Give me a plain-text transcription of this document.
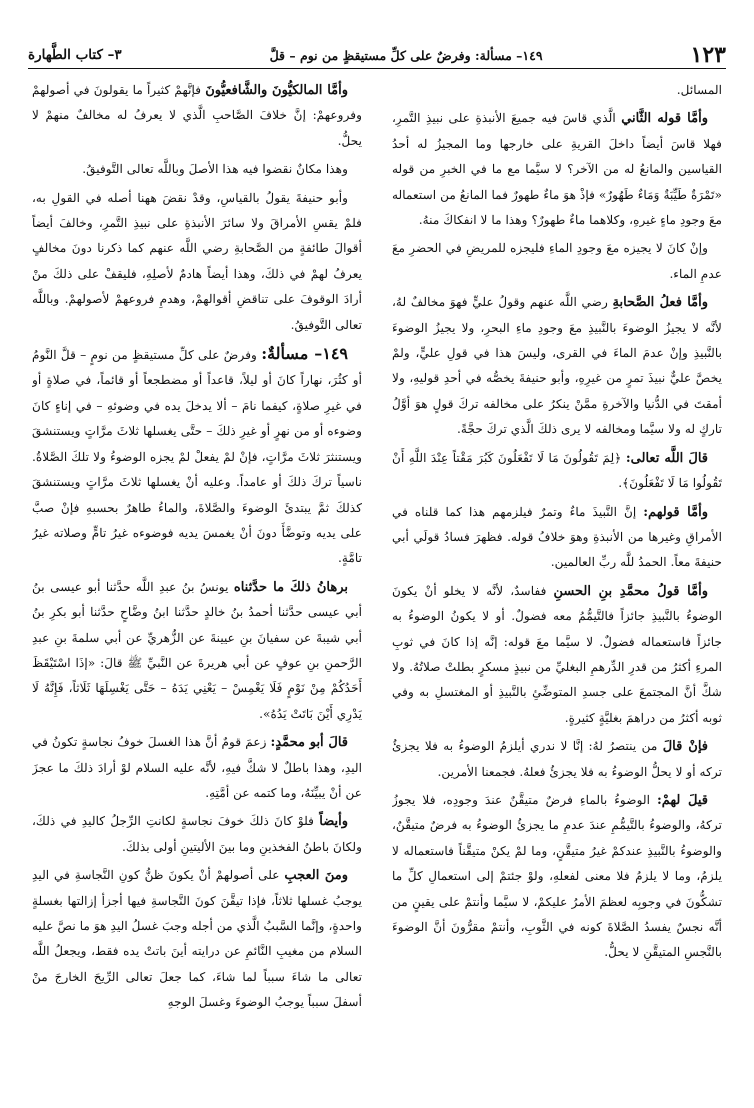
١٢٣
١٤٩– مسألة: وفرضٌ على كلِّ مستيقظٍ من نوم – قلَّ
٣– كتاب الطَّهارة

المسائل.

وأمَّا قوله الثَّاني الَّذي قاسَ فيه جميعَ الأنبذةِ على نبيذِ التَّمرِ، فهلا قاسَ أيضاً داخلَ القريةِ على خارجها وما المجيزُ له أحدُ القياسين والمانعُ له من الآخر؟ لا سيَّما مع ما في الخبرِ من قوله «تَمْرَةٌ طَيِّبَةٌ وَمَاءٌ طَهُورٌ» فإذْ هوَ ماءٌ طهورٌ فما المانعُ من استعماله معَ وجودِ ماءٍ غيرهِ، وكلاهما ماءٌ طهورٌ؟ وهذا ما لا انفكاكَ منهُ.

وإنْ كانَ لا يجيزه معَ وجودِ الماءِ فليجزه للمريضِ في الحضرِ معَ عدمِ الماء.

وأمَّا فعلُ الصَّحابةِ رضي اللَّه عنهم وقولُ عليٍّ فهوَ مخالفٌ لهُ، لأنَّه لا يجيزُ الوضوءَ بالنَّبيذِ معَ وجودِ ماءِ البحرِ، ولا يجيزُ الوضوءَ بالنَّبيذِ وإنْ عدمَ الماءَ في القرى، وليسَ هذا في قولِ عليٍّ، ولمْ يخصَّ عليٌّ نبيذَ تمرٍ من غيرِهِ، وأبو حنيفةَ يخصُّه في أحدِ قوليهِ، ولا أمقتَ في الدُّنيا والآخرةِ ممَّنْ ينكرُ على مخالفه تركَ قولٍ هوَ أوَّلُ تاركٍ له ولا سيَّما ومخالفه لا يرى ذلكَ الَّذي تركَ حجَّةً.

قالَ اللَّه تعالى: ﴿لِمَ تَقُولُونَ مَا لَا تَفْعَلُونَ كَبُرَ مَقْتاً عِنْدَ اللَّهِ أَنْ تَقُولُوا مَا لَا تَفْعَلُونَ﴾.

وأمَّا قولهم: إنَّ النَّبيذَ ماءٌ وتمرٌ فيلزمهم هذا كما قلناه في الأمراقِ وغيرها من الأنبذةِ وهوَ خلافُ قوله. فظهرَ فسادُ قولَي أبي حنيفةَ معاً. الحمدُ للَّه ربِّ العالمين.

وأمَّا قولُ محمَّدِ بنِ الحسنِ ففاسدٌ، لأنَّه لا يخلو أنْ يكونَ الوضوءُ بالنَّبيذِ جائزاً فالتَّيمُّمُ معه فضولٌ. أو لا يكونُ الوضوءُ به جائزاً فاستعماله فضولٌ. لا سيَّما معَ قوله: إنَّه إذا كانَ في ثوبِ المرءِ أكثرُ من قدرِ الدِّرهمِ البغليِّ من نبيذٍ مسكرٍ بطلتْ صلاتُهُ. ولا شكَّ أنَّ المجتمعَ على جسدِ المتوضِّئِ بالنَّبيذِ أو المغتسلِ به وفي ثوبه أكثرُ من دراهمَ بغليَّةٍ كثيرةٍ.

فإنْ قالَ من ينتصرُ لهُ: إنَّا لا ندري أيلزمُ الوضوءُ به فلا يجزئُ تركه أو لا يحلُّ الوضوءُ به فلا يجزئُ فعلهُ. فجمعنا الأمرين.

قيلَ لهمْ: الوضوءُ بالماءِ فرضٌ متيقَّنٌ عندَ وجودِه، فلا يجوزُ تركهُ، والوضوءُ بالتَّيمُّمِ عندَ عدمِ ما يجزئُ الوضوءُ به فرضٌ متيقَّنٌ، والوضوءُ بالنَّبيذِ عندكمْ غيرُ متيقَّنٍ، وما لمْ يكنْ متيقَّناً فاستعماله لا يلزمُ، وما لا يلزمُ فلا معنى لفعلهِ، ولوْ جئتمْ إلى استعمالِ كلِّ ما تشكُّونَ في وجوبِه لعظمَ الأمرُ عليكمْ، لا سيَّما وأنتمْ على يقينٍ من أنَّه نجسٌ يفسدُ الصَّلاةَ كونه في الثَّوبِ، وأنتمْ مقرُّونَ أنَّ الوضوءَ بالنَّجسِ المتيقَّنِ لا يحلُّ.

وأمَّا المالكيُّونَ والشَّافعيُّونَ فإنَّهمْ كثيراً ما يقولونَ في أصولهمْ وفروعهمْ: إنَّ خلافَ الصَّاحبِ الَّذي لا يعرفُ له مخالفٌ منهمْ لا يحلُّ.

وهذا مكانٌ نقضوا فيه هذا الأصلَ وباللَّه تعالى التَّوفيقُ.

وأبو حنيفةَ يقولُ بالقياسِ، وقدْ نقضَ ههنا أصله في القولِ به، فلمْ يقسِ الأمراقَ ولا سائرَ الأنبذةِ على نبيذِ التَّمرِ، وخالفَ أيضاً أقوالَ طائفةٍ من الصَّحابةِ رضي اللَّه عنهم كما ذكرنا دونَ مخالفٍ يعرفُ لهمْ في ذلكَ، وهذا أيضاً هادمٌ لأصلِهِ، فليقفْ على ذلكَ منْ أرادَ الوقوفَ على تناقضِ أقوالهمْ، وهدمِ فروعهمْ لأصولهمْ. وباللَّه تعالى التَّوفيقُ.

١٤٩– مسألةٌ: وفرضٌ على كلِّ مستيقظٍ من نومٍ – قلَّ النَّومُ أو كثُرَ، نهاراً كانَ أو ليلاً، قاعداً أو مضطجعاً أو قائماً، في صلاةٍ أو في غيرِ صلاةٍ، كيفما نامَ – ألا يدخلَ يده في وضوئهِ – في إناءٍ كانَ وضوءه أو من نهرٍ أو غيرِ ذلكَ – حتَّى يغسلها ثلاثَ مرَّاتٍ ويستنشقَ ويستنثرَ ثلاثَ مرَّاتٍ، فإنْ لمْ يفعلْ لمْ يجزه الوضوءُ ولا تلكَ الصَّلاةُ. ناسياً تركَ ذلكَ أو عامداً. وعليه أنْ يغسلها ثلاثَ مرَّاتٍ ويستنشقَ كذلكَ ثمَّ يبتدئَ الوضوءَ والصَّلاةَ، والماءُ طاهرٌ بحسبهِ فإنْ صبَّ على يديه وتوضَّأَ دونَ أنْ يغمسَ يديه فوضوءه غيرُ تامٍّ وصلاته غيرُ تامَّةٍ.

برهانُ ذلكَ ما حدَّثناه يونسُ بنُ عبدِ اللَّه حدَّثنا أبو عيسى بنُ أبي عيسى حدَّثنا أحمدُ بنُ خالدٍ حدَّثنا ابنُ وضَّاحٍ حدَّثنا أبو بكرِ بنُ أبي شيبةَ عن سفيانَ بنِ عيينةَ عن الزُّهريِّ عن أبي سلمةَ بنِ عبدِ الرَّحمنِ بنِ عوفٍ عن أبي هريرةَ عن النَّبيِّ ﷺ قالَ: «إذَا اسْتَيْقَظَ أَحَدُكُمْ مِنْ نَوْمٍ فَلَا يَغْمِسْ – يَعْنِي يَدَهُ – حَتَّى يَغْسِلَهَا ثَلَاثاً، فَإِنَّهُ لَا يَدْرِي أَيْنَ بَاتَتْ يَدُهُ».

قالَ أبو محمَّدٍ: زعمَ قومٌ أنَّ هذا الغسلَ خوفُ نجاسةٍ تكونُ في اليدِ، وهذا باطلٌ لا شكَّ فيهِ، لأنَّه عليه السلام لوْ أرادَ ذلكَ ما عجزَ عن أنْ يبيِّنَهُ، وما كتمه عن أمَّتِهِ.

وأيضاً فلوْ كانَ ذلكَ خوفَ نجاسةٍ لكانتِ الرِّجلُ كاليدِ في ذلكَ، ولكانَ باطنُ الفخذينِ وما بينَ الأليتينِ أولى بذلكَ.

ومنَ العجبِ على أصولهمْ أنْ يكونَ ظنُّ كونِ النَّجاسةِ في اليدِ يوجبُ غسلها ثلاثاً، فإذا تيقَّنَ كونَ النَّجاسةِ فيها أجزأ إزالتها بغسلةٍ واحدةٍ، وإنَّما السَّببُ الَّذي من أجله وجبَ غسلُ اليدِ هوَ ما نصَّ عليه السلام من مغيبِ النَّائمِ عن درايته أينَ باتتْ يده فقط، ويجعلُ اللَّه تعالى ما شاءَ سبباً لما شاءَ، كما جعلَ تعالى الرِّيحَ الخارجَ منْ أسفلَ سبباً يوجبُ الوضوءَ وغسلَ الوجهِ
